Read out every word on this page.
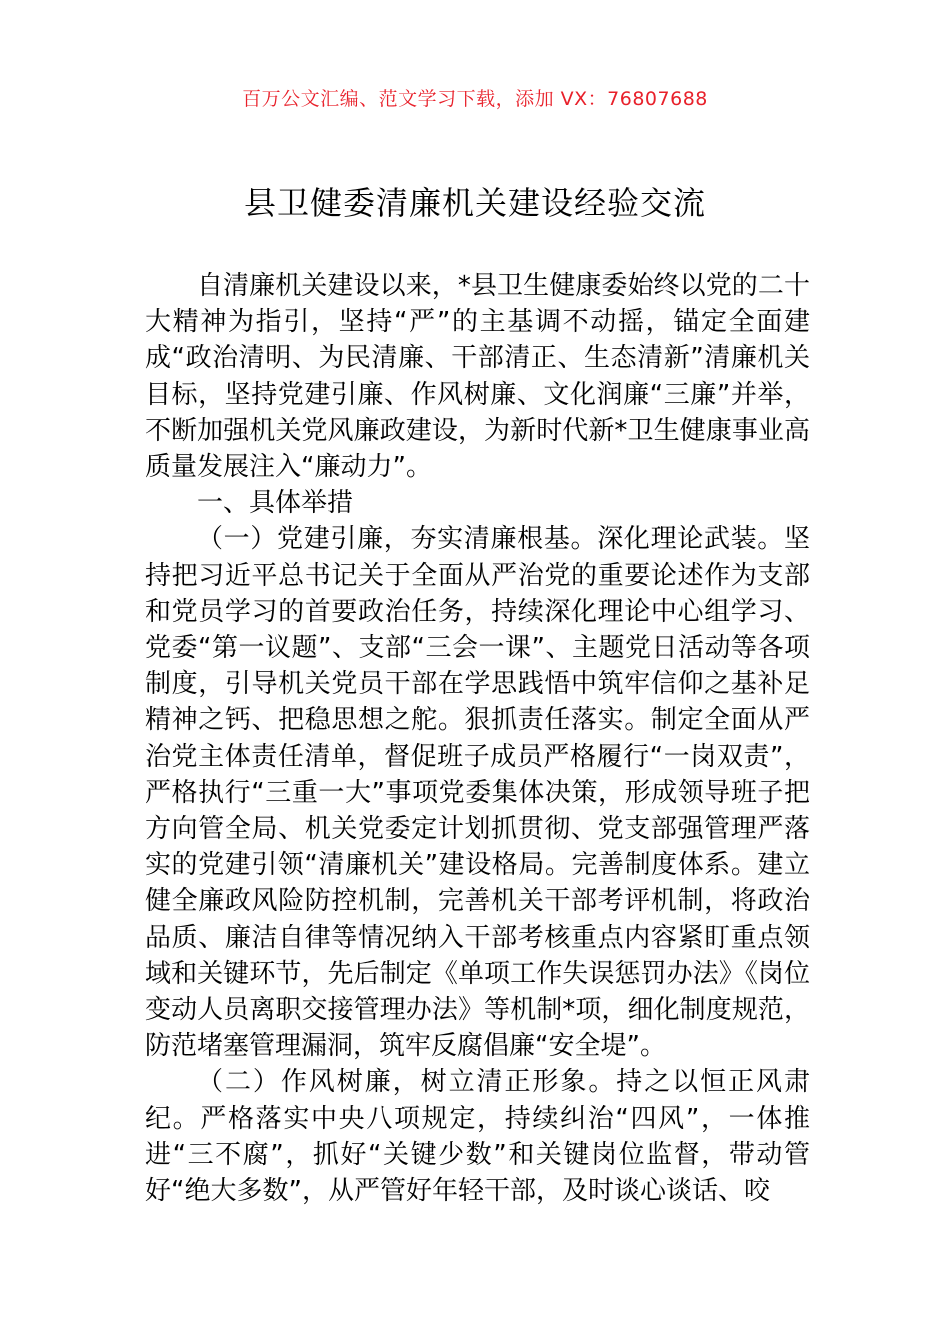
百万公文汇编、范文学习下载，添加 VX：76807688
县卫健委清廉机关建设经验交流

自清廉机关建设以来，*县卫生健康委始终以党的二十大精神为指引，坚持“严”的主基调不动摇，锚定全面建成“政治清明、为民清廉、干部清正、生态清新”清廉机关目标，坚持党建引廉、作风树廉、文化润廉“三廉”并举，不断加强机关党风廉政建设，为新时代新*卫生健康事业高质量发展注入“廉动力”。

一、具体举措

（一）党建引廉，夯实清廉根基。深化理论武装。坚持把习近平总书记关于全面从严治党的重要论述作为支部和党员学习的首要政治任务，持续深化理论中心组学习、党委“第一议题”、支部“三会一课”、主题党日活动等各项制度，引导机关党员干部在学思践悟中筑牢信仰之基补足精神之钙、把稳思想之舵。狠抓责任落实。制定全面从严治党主体责任清单，督促班子成员严格履行“一岗双责”，严格执行“三重一大”事项党委集体决策，形成领导班子把方向管全局、机关党委定计划抓贯彻、党支部强管理严落实的党建引领“清廉机关”建设格局。完善制度体系。建立健全廉政风险防控机制，完善机关干部考评机制，将政治品质、廉洁自律等情况纳入干部考核重点内容紧盯重点领域和关键环节，先后制定《单项工作失误惩罚办法》《岗位变动人员离职交接管理办法》等机制*项，细化制度规范，防范堵塞管理漏洞，筑牢反腐倡廉“安全堤”。

（二）作风树廉，树立清正形象。持之以恒正风肃纪。严格落实中央八项规定，持续纠治“四风”，一体推进“三不腐”，抓好“关键少数”和关键岗位监督，带动管好“绝大多数”，从严管好年轻干部，及时谈心谈话、咬
